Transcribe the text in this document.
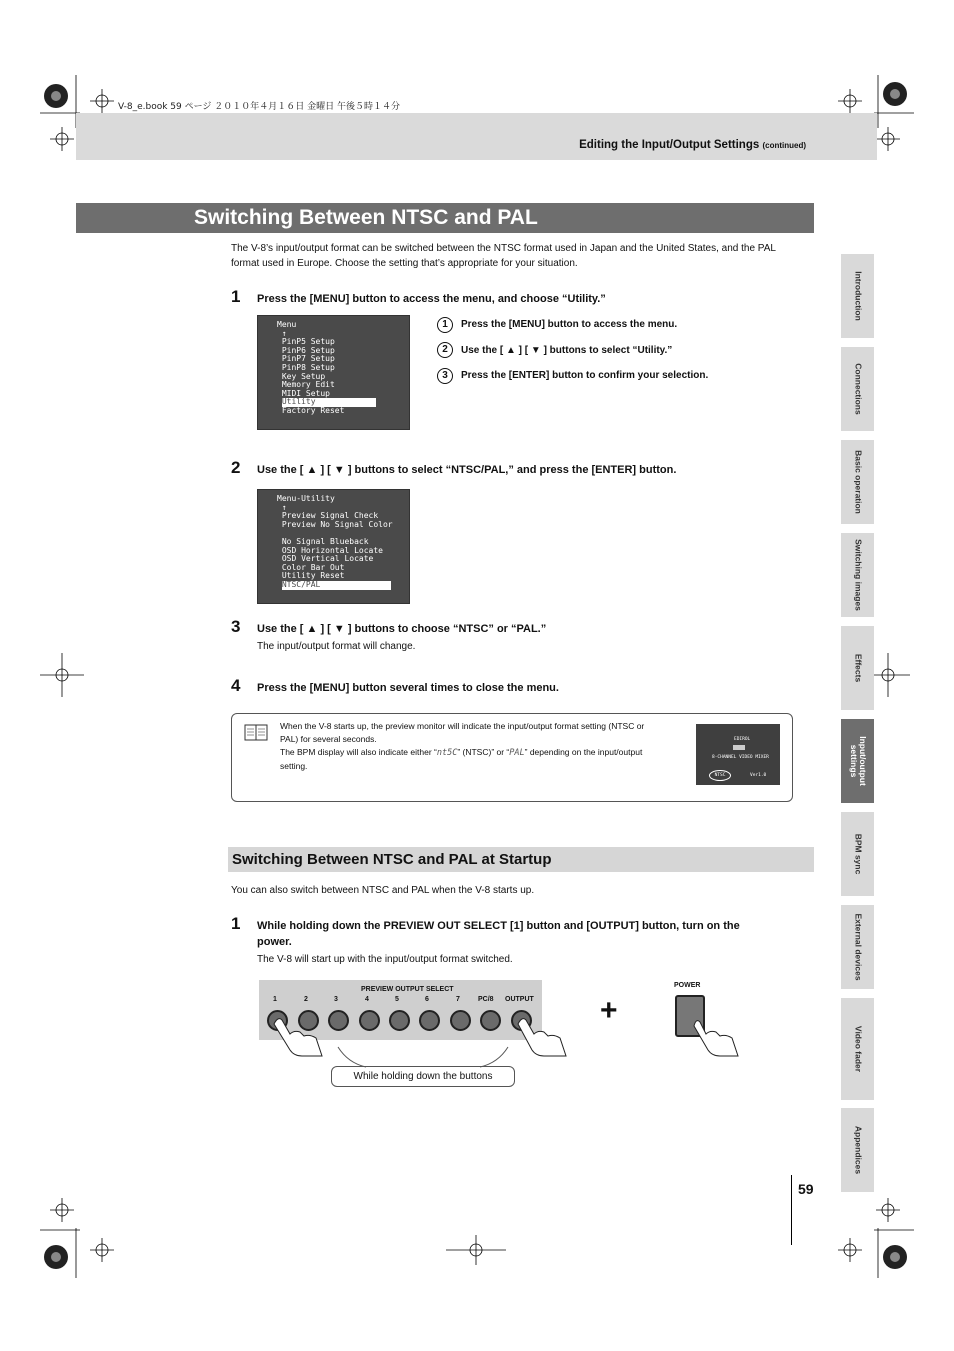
V-8_e.book 59 ページ ２０１０年４月１６日 金曜日 午後５時１４分
Editing the Input/Output Settings (continued)
Switching Between NTSC and PAL
The V-8’s input/output format can be switched between the NTSC format used in Japan and the United States, and the PAL
format used in Europe. Choose the setting that’s appropriate for your situation.
1 Press the [MENU] button to access the menu, and choose “Utility.”
Menu
↑
PinP5 Setup
PinP6 Setup
PinP7 Setup
PinP8 Setup
Key Setup
Memory Edit
MIDI Setup
Utility
Factory Reset
1	Press the [MENU] button to access the menu.
2	Use the [ ▲ ] [ ▼ ] buttons to select “Utility.”
3	Press the [ENTER] button to confirm your selection.
2 Use the [ ▲ ] [ ▼ ] buttons to select “NTSC/PAL,” and press the [ENTER] button.
Menu-Utility
↑
Preview Signal Check
Preview No Signal Color

No Signal Blueback
OSD Horizontal Locate
OSD Vertical Locate
Color Bar Out
Utility Reset
NTSC/PAL
3 Use the [ ▲ ] [ ▼ ] buttons to choose “NTSC” or “PAL.”
The input/output format will change.
4 Press the [MENU] button several times to close the menu.
When the V-8 starts up, the preview monitor will indicate the input/output format setting (NTSC or
PAL) for several seconds.
The BPM display will also indicate either “nt5C” (NTSC)” or “PAL” depending on the input/output
setting.
EDIROL
8-CHANNEL VIDEO MIXER
NTSC	Ver1.0
Switching Between NTSC and PAL at Startup
You can also switch between NTSC and PAL when the V-8 starts up.
1 While holding down the PREVIEW OUT SELECT [1] button and [OUTPUT] button, turn on the
power.
The V-8 will start up with the input/output format switched.
PREVIEW OUTPUT SELECT
1	2	3	4	5	6	7	PC/8 OUTPUT
While holding down the buttons
+
POWER
Introduction
Connections
Basic operation
Switching images
Effects
Input/output settings
BPM sync
External devices
Video fader
Appendices
59
